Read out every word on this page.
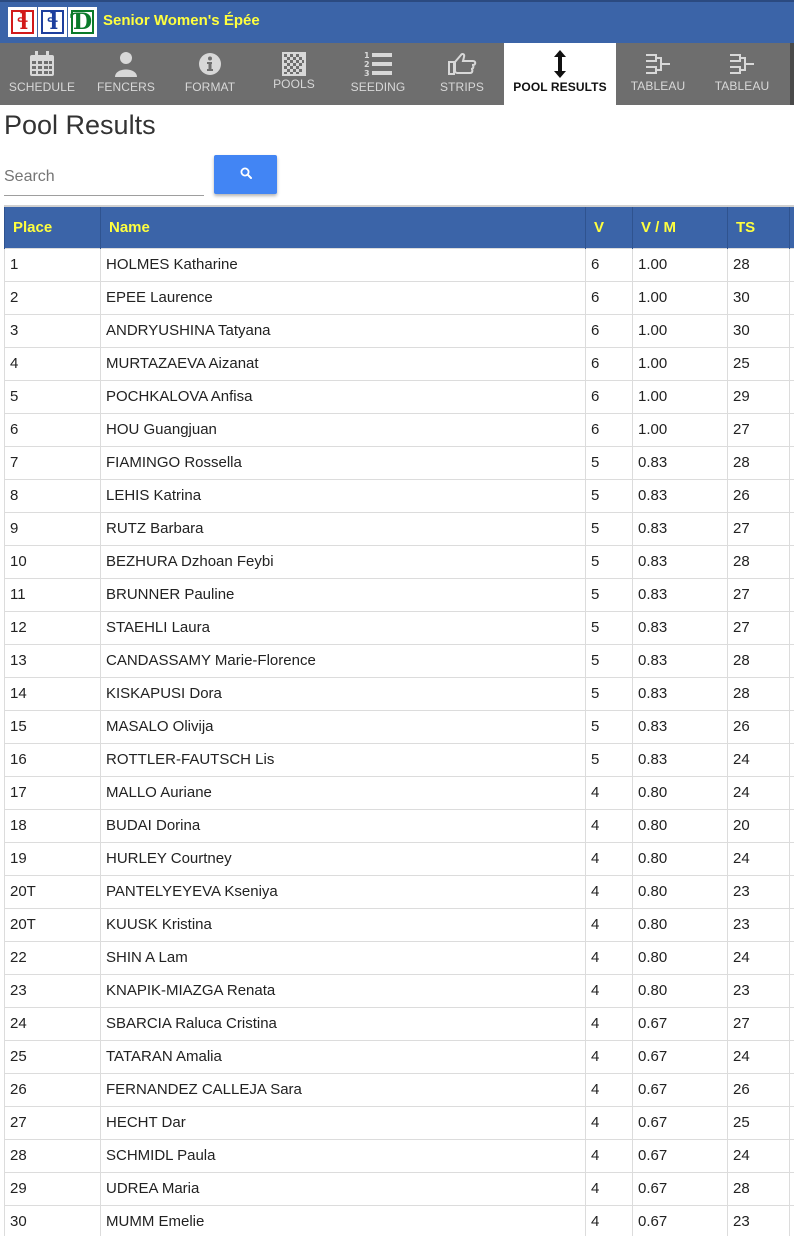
ɬ ɬ Ɗ Senior Women's Épée
SCHEDULE	FENCERS	FORMAT	POOLS
1
2
3
SEEDING	STRIPS	POOL RESULTS	TABLEAU	TABLEAU
Pool Results
Search
Place	Name	V	V / M	TS	
1	HOLMES Katharine	6	1.00	28	
2	EPEE Laurence	6	1.00	30	
3	ANDRYUSHINA Tatyana	6	1.00	30	
4	MURTAZAEVA Aizanat	6	1.00	25	
5	POCHKALOVA Anfisa	6	1.00	29	
6	HOU Guangjuan	6	1.00	27	
7	FIAMINGO Rossella	5	0.83	28	
8	LEHIS Katrina	5	0.83	26	
9	RUTZ Barbara	5	0.83	27	
10	BEZHURA Dzhoan Feybi	5	0.83	28	
11	BRUNNER Pauline	5	0.83	27	
12	STAEHLI Laura	5	0.83	27	
13	CANDASSAMY Marie-Florence	5	0.83	28	
14	KISKAPUSI Dora	5	0.83	28	
15	MASALO Olivija	5	0.83	26	
16	ROTTLER-FAUTSCH Lis	5	0.83	24	
17	MALLO Auriane	4	0.80	24	
18	BUDAI Dorina	4	0.80	20	
19	HURLEY Courtney	4	0.80	24	
20T	PANTELYEYEVA Kseniya	4	0.80	23	
20T	KUUSK Kristina	4	0.80	23	
22	SHIN A Lam	4	0.80	24	
23	KNAPIK-MIAZGA Renata	4	0.80	23	
24	SBARCIA Raluca Cristina	4	0.67	27	
25	TATARAN Amalia	4	0.67	24	
26	FERNANDEZ CALLEJA Sara	4	0.67	26	
27	HECHT Dar	4	0.67	25	
28	SCHMIDL Paula	4	0.67	24	
29	UDREA Maria	4	0.67	28	
30	MUMM Emelie	4	0.67	23	
